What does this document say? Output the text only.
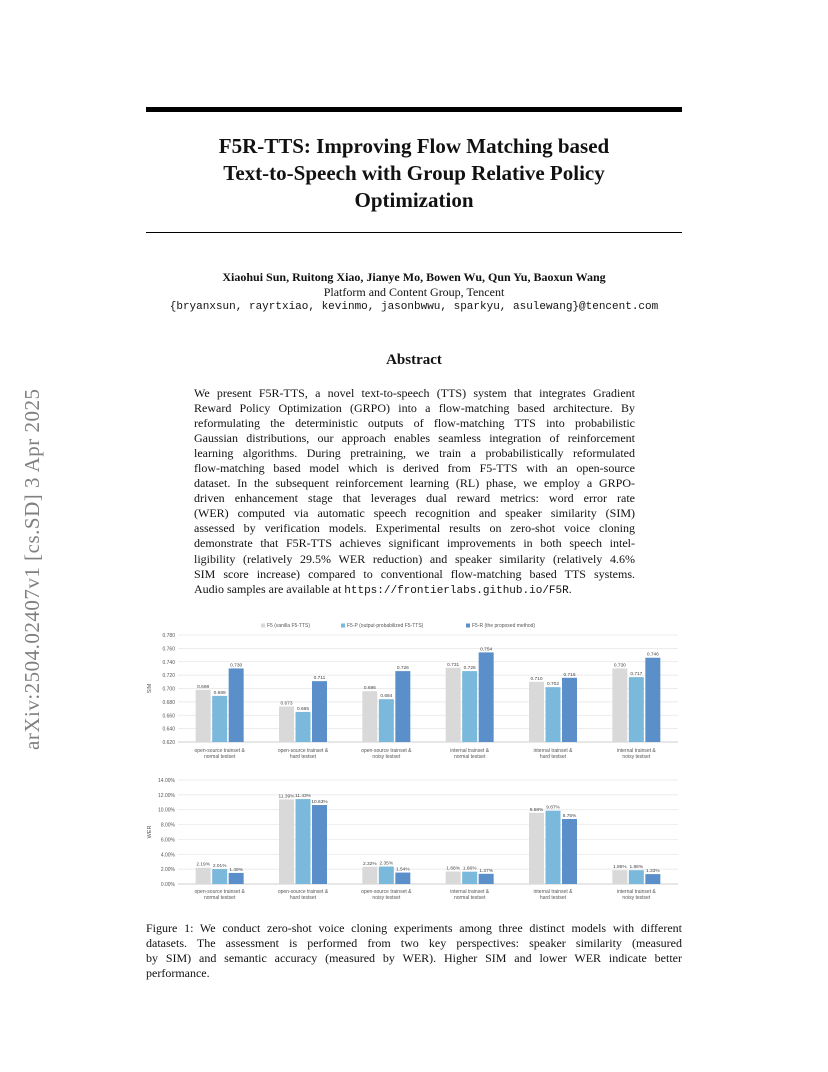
arXiv:2504.02407v1 [cs.SD] 3 Apr 2025
F5R-TTS: Improving Flow Matching based
Text-to-Speech with Group Relative Policy
Optimization
Xiaohui Sun, Ruitong Xiao, Jianye Mo, Bowen Wu, Qun Yu, Baoxun Wang
Platform and Content Group, Tencent
{bryanxsun, rayrtxiao, kevinmo, jasonbwwu, sparkyu, asulewang}@tencent.com
Abstract
We present F5R-TTS, a novel text-to-speech (TTS) system that integrates Gradient
Reward Policy Optimization (GRPO) into a flow-matching based architecture. By
reformulating the deterministic outputs of flow-matching TTS into probabilistic
Gaussian distributions, our approach enables seamless integration of reinforcement
learning algorithms. During pretraining, we train a probabilistically reformulated
flow-matching based model which is derived from F5-TTS with an open-source
dataset. In the subsequent reinforcement learning (RL) phase, we employ a GRPO-
driven enhancement stage that leverages dual reward metrics: word error rate
(WER) computed via automatic speech recognition and speaker similarity (SIM)
assessed by verification models. Experimental results on zero-shot voice cloning
demonstrate that F5R-TTS achieves significant improvements in both speech intel-
ligibility (relatively 29.5% WER reduction) and speaker similarity (relatively 4.6%
SIM score increase) compared to conventional flow-matching based TTS systems.
Audio samples are available at https://frontierlabs.github.io/F5R.
0.620
0.640
0.660
0.680
0.700
0.720
0.740
0.760
0.780
SIM
F5 (vanilla F5-TTS)	F5-P (output-probabilized F5-TTS)	F5-R (the proposed method)
0.698
0.689
0.730
open-source trainset &
normal testset
0.673
0.665
0.711
open-source trainset &
hard testset
0.696
0.684
0.726
open-source trainset &
noisy testset
0.731
0.726
0.754
internal trainset &
normal testset
0.710
0.702
0.716
internal trainset &
hard testset
0.730
0.717
0.746
internal trainset &
noisy testset
0.00%
2.00%
4.00%
6.00%
8.00%
10.00%
12.00%
14.00%
WER
2.19% 2.01%
1.49%
open-source trainset &
normal testset
11.39% 11.43%
10.63%
open-source trainset &
hard testset
2.32% 2.35%
1.54%
open-source trainset &
noisy testset
1.68% 1.66% 1.37%
internal trainset &
normal testset
9.58% 9.87%
8.75%
internal trainset &
hard testset
1.86% 1.86%
1.33%
internal trainset &
noisy testset
Figure 1: We conduct zero-shot voice cloning experiments among three distinct models with different
datasets. The assessment is performed from two key perspectives: speaker similarity (measured
by SIM) and semantic accuracy (measured by WER). Higher SIM and lower WER indicate better
performance.
